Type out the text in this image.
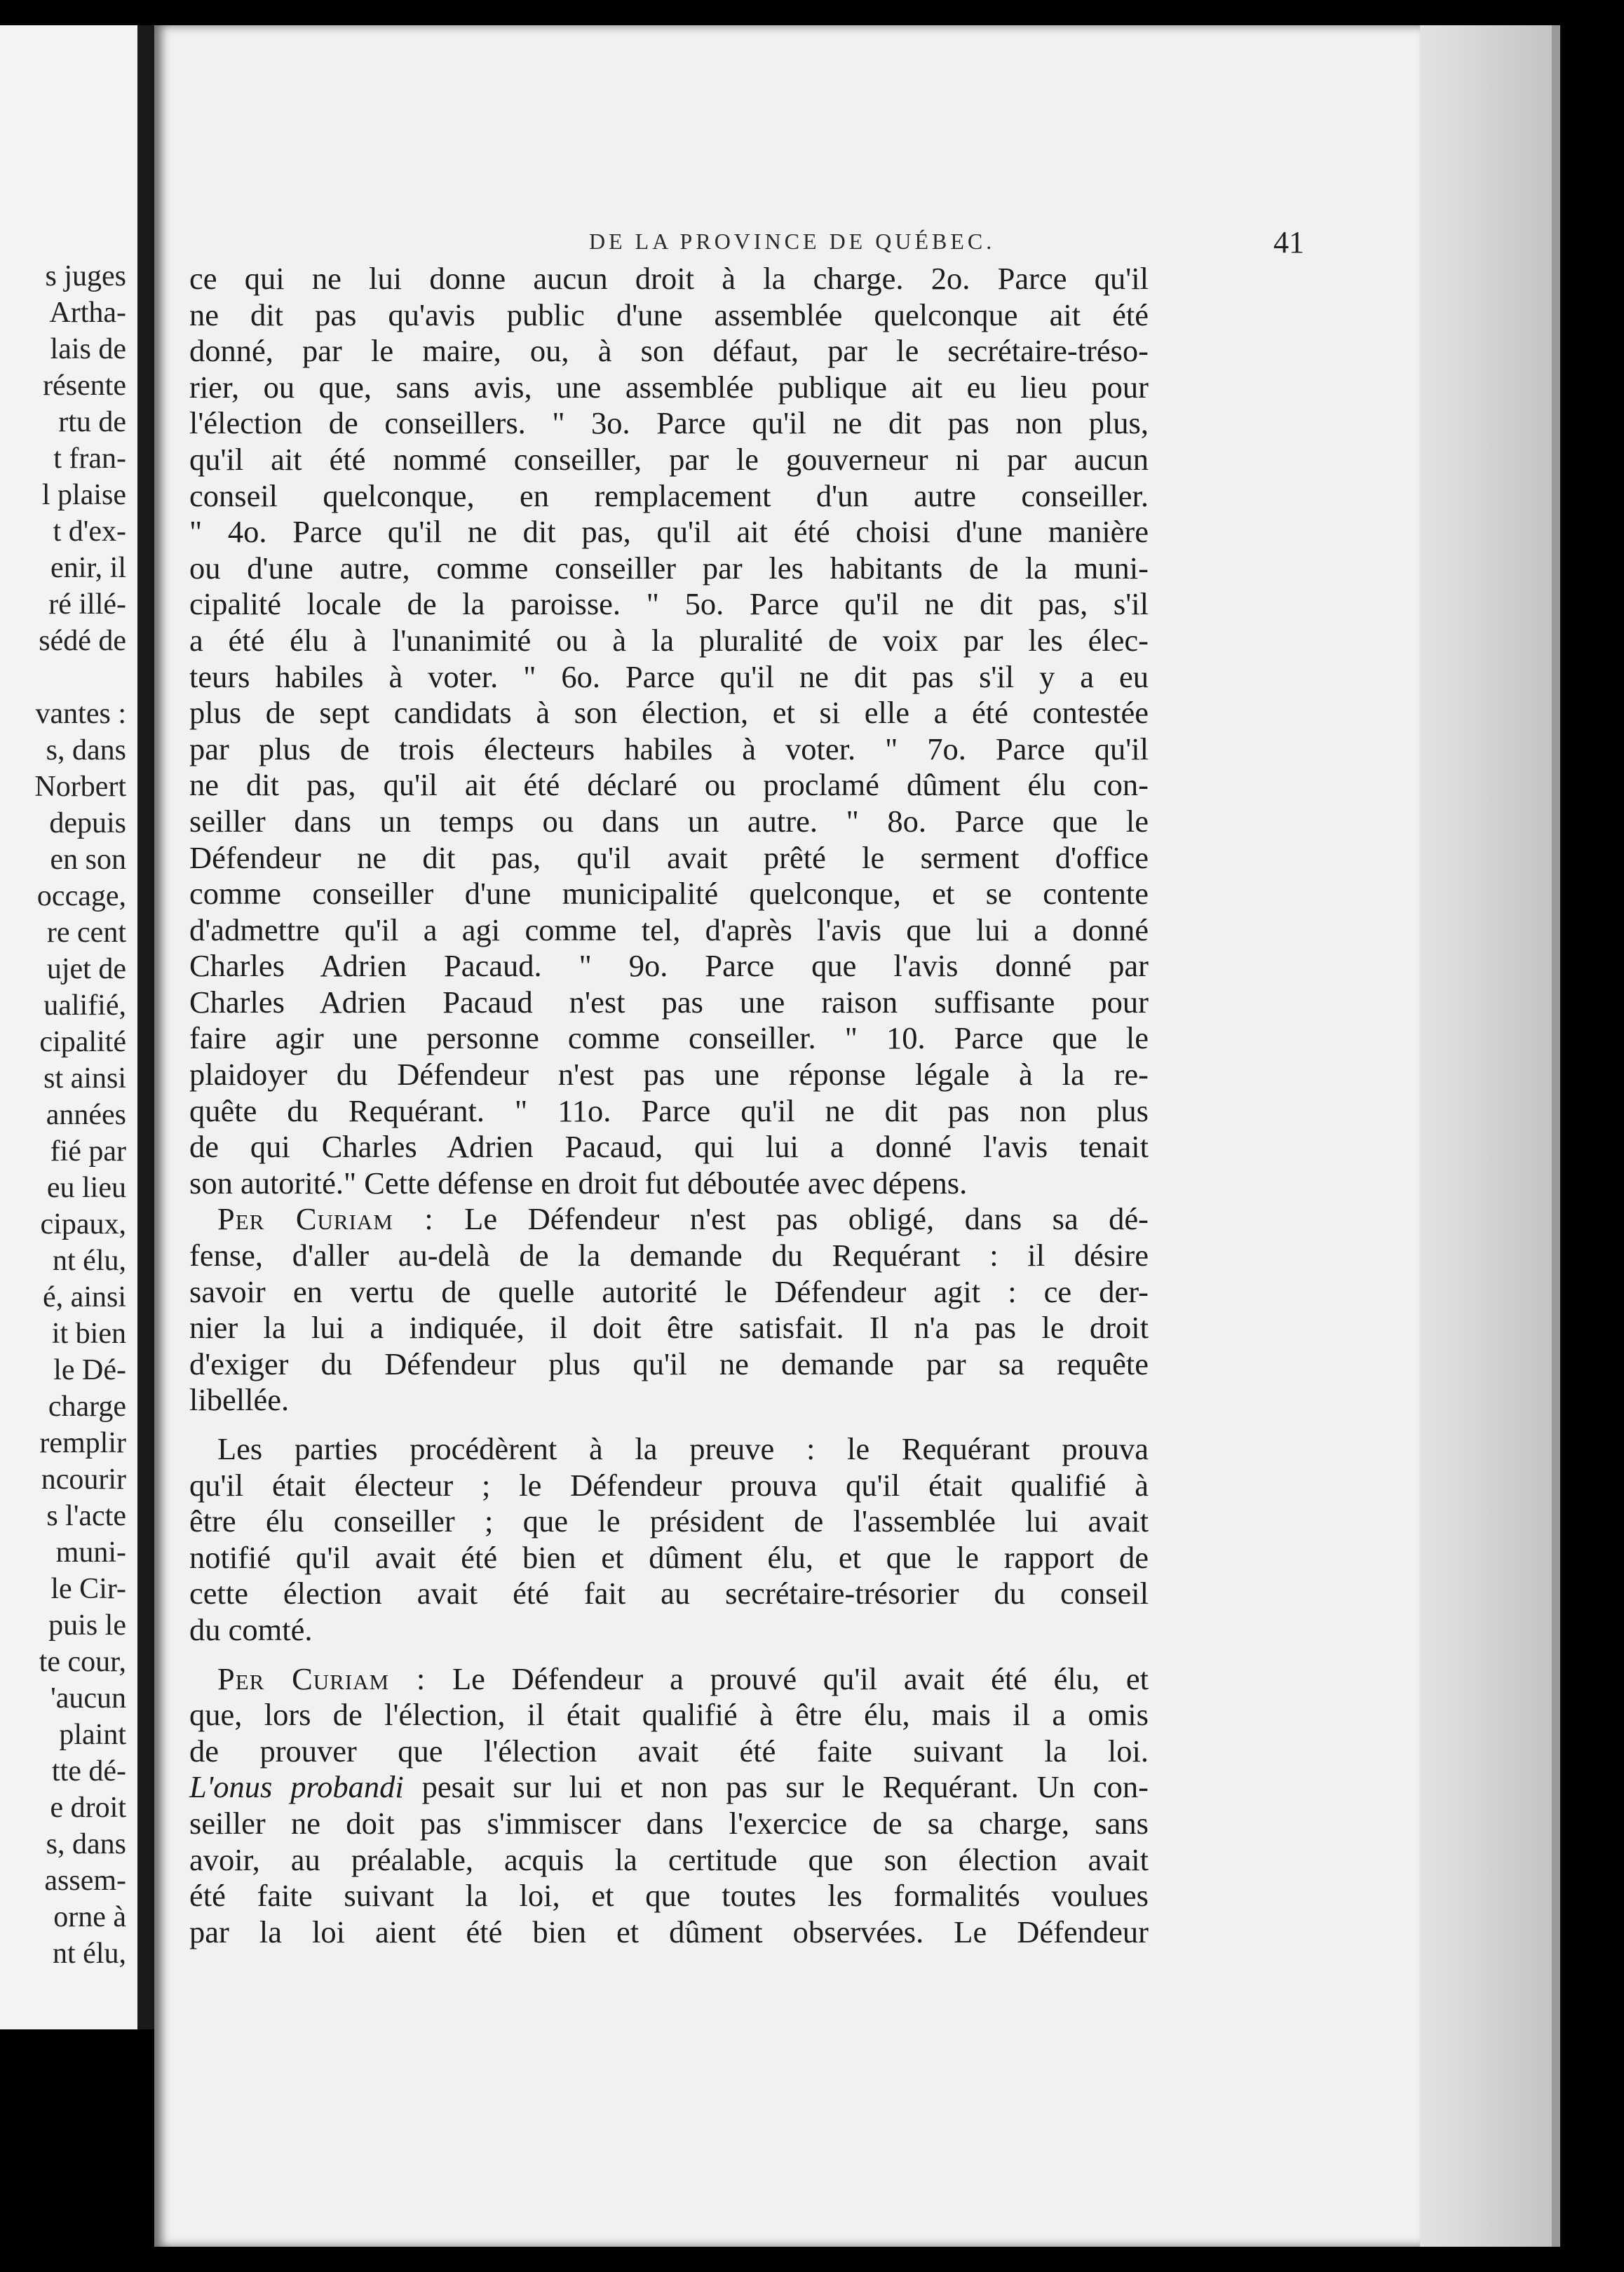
s juges
Artha-
lais de
résente
rtu de
t fran-
l plaise
t d'ex-
enir, il
ré illé-
sédé de
vantes :
s, dans
Norbert
depuis
en son
occage,
re cent
ujet de
ualifié,
cipalité
st ainsi
années
fié par
eu lieu
cipaux,
nt élu,
é, ainsi
it bien
le Dé-
charge
remplir
ncourir
s l'acte
muni-
le Cir-
puis le
te cour,
'aucun
plaint
tte dé-
e droit
s, dans
assem-
orne à
nt élu,
DE LA PROVINCE DE QUÉBEC.	41

ce qui ne lui donne aucun droit à la charge. 2o. Parce qu'il

ne dit pas qu'avis public d'une assemblée quelconque ait été

donné, par le maire, ou, à son défaut, par le secrétaire-tréso-

rier, ou que, sans avis, une assemblée publique ait eu lieu pour

l'élection de conseillers. " 3o. Parce qu'il ne dit pas non plus,

qu'il ait été nommé conseiller, par le gouverneur ni par aucun

conseil quelconque, en remplacement d'un autre conseiller.

" 4o. Parce qu'il ne dit pas, qu'il ait été choisi d'une manière

ou d'une autre, comme conseiller par les habitants de la muni-

cipalité locale de la paroisse. " 5o. Parce qu'il ne dit pas, s'il

a été élu à l'unanimité ou à la pluralité de voix par les élec-

teurs habiles à voter. " 6o. Parce qu'il ne dit pas s'il y a eu

plus de sept candidats à son élection, et si elle a été contestée

par plus de trois électeurs habiles à voter. " 7o. Parce qu'il

ne dit pas, qu'il ait été déclaré ou proclamé dûment élu con-

seiller dans un temps ou dans un autre. " 8o. Parce que le

Défendeur ne dit pas, qu'il avait prêté le serment d'office

comme conseiller d'une municipalité quelconque, et se contente

d'admettre qu'il a agi comme tel, d'après l'avis que lui a donné

Charles Adrien Pacaud. " 9o. Parce que l'avis donné par

Charles Adrien Pacaud n'est pas une raison suffisante pour

faire agir une personne comme conseiller. " 10. Parce que le

plaidoyer du Défendeur n'est pas une réponse légale à la re-

quête du Requérant. " 11o. Parce qu'il ne dit pas non plus

de qui Charles Adrien Pacaud, qui lui a donné l'avis tenait

son autorité." Cette défense en droit fut déboutée avec dépens.

Per Curiam : Le Défendeur n'est pas obligé, dans sa dé-

fense, d'aller au-delà de la demande du Requérant : il désire

savoir en vertu de quelle autorité le Défendeur agit : ce der-

nier la lui a indiquée, il doit être satisfait. Il n'a pas le droit

d'exiger du Défendeur plus qu'il ne demande par sa requête

libellée.

Les parties procédèrent à la preuve : le Requérant prouva

qu'il était électeur ; le Défendeur prouva qu'il était qualifié à

être élu conseiller ; que le président de l'assemblée lui avait

notifié qu'il avait été bien et dûment élu, et que le rapport de

cette élection avait été fait au secrétaire-trésorier du conseil

du comté.

Per Curiam : Le Défendeur a prouvé qu'il avait été élu, et

que, lors de l'élection, il était qualifié à être élu, mais il a omis

de prouver que l'élection avait été faite suivant la loi.

L'onus probandi pesait sur lui et non pas sur le Requérant. Un con-

seiller ne doit pas s'immiscer dans l'exercice de sa charge, sans

avoir, au préalable, acquis la certitude que son élection avait

été faite suivant la loi, et que toutes les formalités voulues

par la loi aient été bien et dûment observées. Le Défendeur
